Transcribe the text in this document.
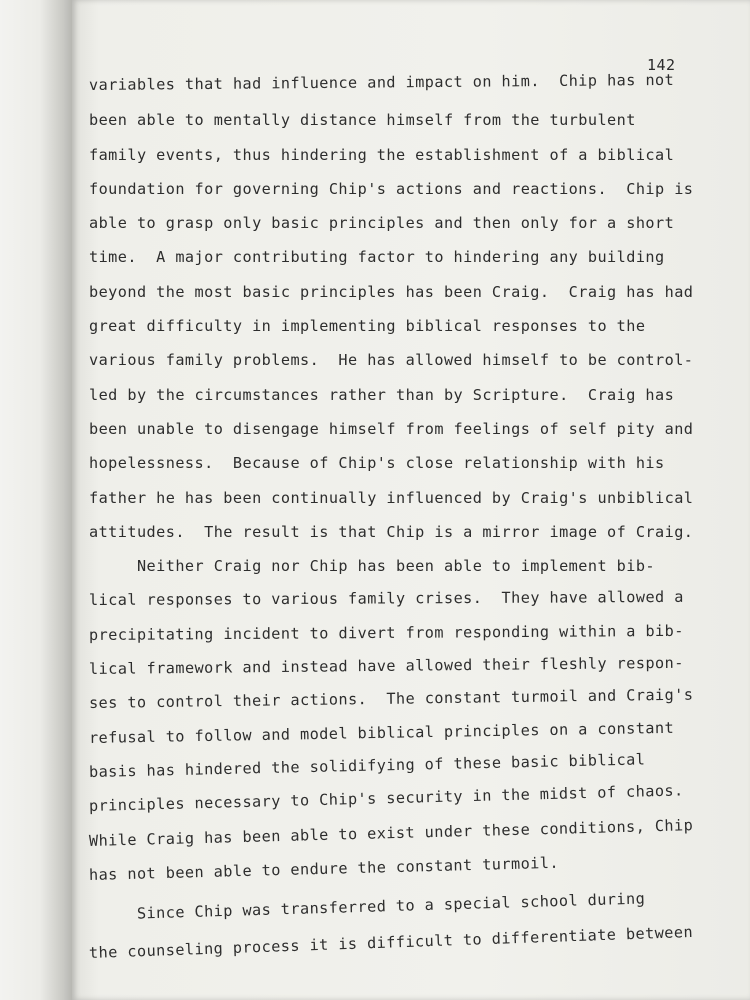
142
variables that had influence and impact on him.  Chip has not
been able to mentally distance himself from the turbulent
family events, thus hindering the establishment of a biblical
foundation for governing Chip's actions and reactions.  Chip is
able to grasp only basic principles and then only for a short
time.  A major contributing factor to hindering any building
beyond the most basic principles has been Craig.  Craig has had
great difficulty in implementing biblical responses to the
various family problems.  He has allowed himself to be control-
led by the circumstances rather than by Scripture.  Craig has
been unable to disengage himself from feelings of self pity and
hopelessness.  Because of Chip's close relationship with his
father he has been continually influenced by Craig's unbiblical
attitudes.  The result is that Chip is a mirror image of Craig.
Neither Craig nor Chip has been able to implement bib-
lical responses to various family crises.  They have allowed a
precipitating incident to divert from responding within a bib-
lical framework and instead have allowed their fleshly respon-
ses to control their actions.  The constant turmoil and Craig's
refusal to follow and model biblical principles on a constant
basis has hindered the solidifying of these basic biblical
principles necessary to Chip's security in the midst of chaos.
While Craig has been able to exist under these conditions, Chip
has not been able to endure the constant turmoil.
Since Chip was transferred to a special school during
the counseling process it is difficult to differentiate between
